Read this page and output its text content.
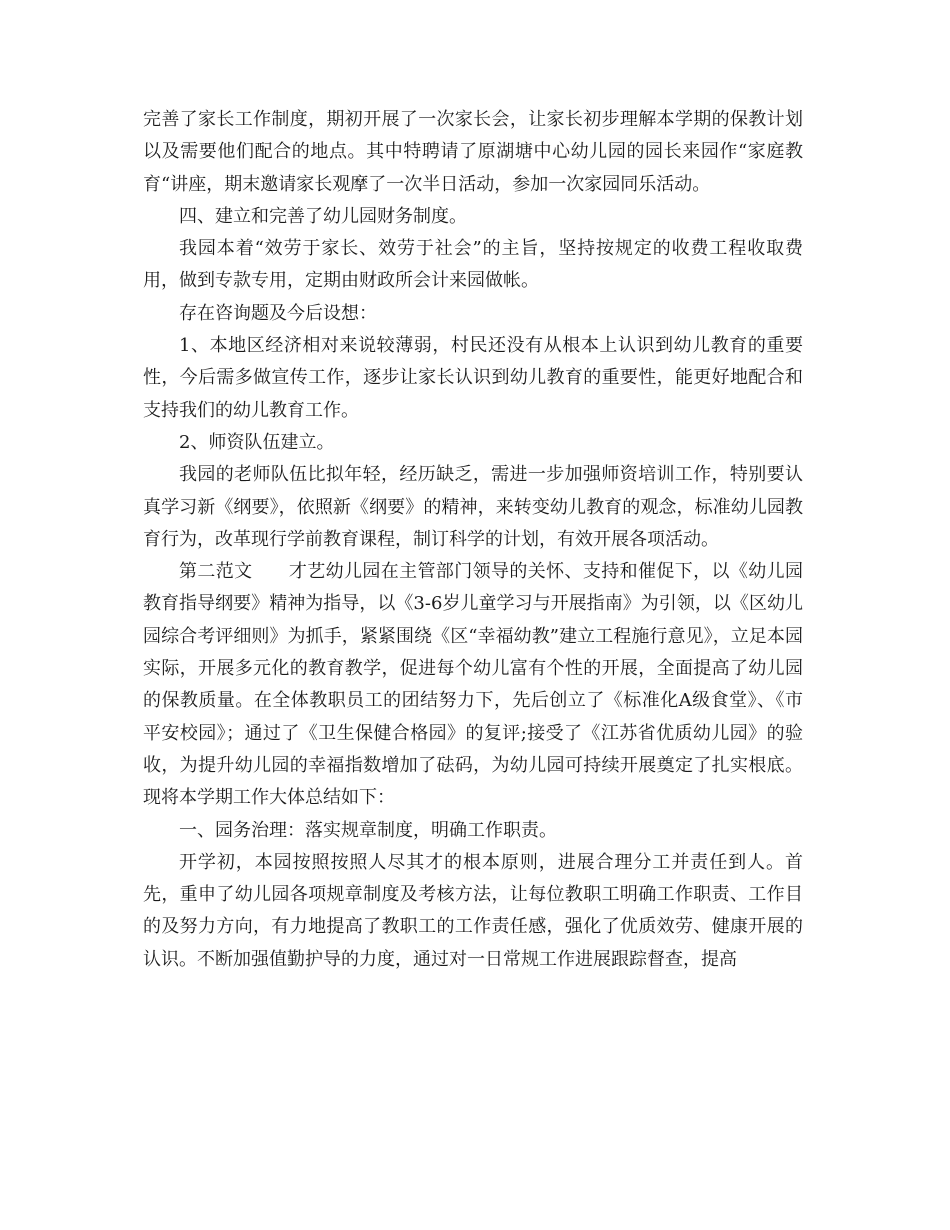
完善了家长工作制度，期初开展了一次家长会，让家长初步理解本学期的保教计划以及需要他们配合的地点。其中特聘请了原湖塘中心幼儿园的园长来园作“家庭教育“讲座，期末邀请家长观摩了一次半日活动，参加一次家园同乐活动。

四、建立和完善了幼儿园财务制度。

我园本着“效劳于家长、效劳于社会”的主旨，坚持按规定的收费工程收取费用，做到专款专用，定期由财政所会计来园做帐。

存在咨询题及今后设想：

1、本地区经济相对来说较薄弱，村民还没有从根本上认识到幼儿教育的重要性，今后需多做宣传工作，逐步让家长认识到幼儿教育的重要性，能更好地配合和支持我们的幼儿教育工作。

2、师资队伍建立。

我园的老师队伍比拟年轻，经历缺乏，需进一步加强师资培训工作，特别要认真学习新《纲要》，依照新《纲要》的精神，来转变幼儿教育的观念，标准幼儿园教育行为，改革现行学前教育课程，制订科学的计划，有效开展各项活动。

第二范文 才艺幼儿园在主管部门领导的关怀、支持和催促下，以《幼儿园教育指导纲要》精神为指导，以《3-6岁儿童学习与开展指南》为引领，以《区幼儿园综合考评细则》为抓手，紧紧围绕《区“幸福幼教”建立工程施行意见》，立足本园实际，开展多元化的教育教学，促进每个幼儿富有个性的开展，全面提高了幼儿园的保教质量。在全体教职员工的团结努力下，先后创立了《标准化A级食堂》、《市平安校园》；通过了《卫生保健合格园》的复评;接受了《江苏省优质幼儿园》的验收，为提升幼儿园的幸福指数增加了砝码，为幼儿园可持续开展奠定了扎实根底。现将本学期工作大体总结如下：

一、园务治理：落实规章制度，明确工作职责。

开学初，本园按照按照人尽其才的根本原则，进展合理分工并责任到人。首先，重申了幼儿园各项规章制度及考核方法，让每位教职工明确工作职责、工作目的及努力方向，有力地提高了教职工的工作责任感，强化了优质效劳、健康开展的认识。不断加强值勤护导的力度，通过对一日常规工作进展跟踪督查，提高
